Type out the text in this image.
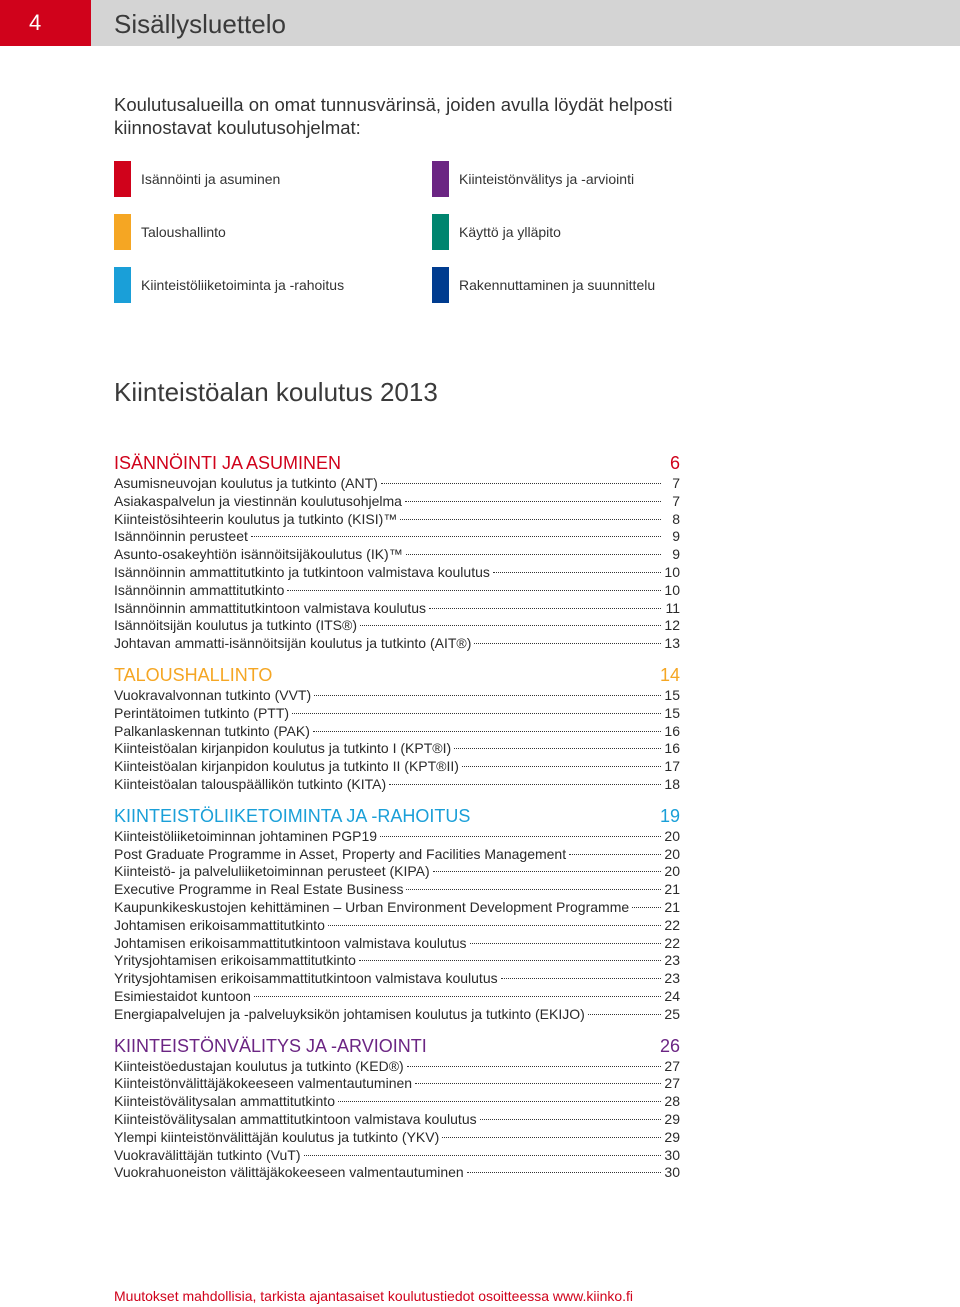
4	Sisällysluettelo
Koulutusalueilla on omat tunnusvärinsä, joiden avulla löydät helposti kiinnostavat koulutusohjelmat:
Isännöinti ja asuminen	Kiinteistönvälitys ja -arviointi
Taloushallinto	Käyttö ja ylläpito
Kiinteistöliiketoiminta ja -rahoitus	Rakennuttaminen ja suunnittelu
Kiinteistöalan koulutus 2013
ISÄNNÖINTI JA ASUMINEN	6
Asumisneuvojan koulutus ja tutkinto (ANT)	7
Asiakaspalvelun ja viestinnän koulutusohjelma	7
Kiinteistösihteerin koulutus ja tutkinto (KISI)™	8
Isännöinnin perusteet	9
Asunto-osakeyhtiön isännöitsijäkoulutus (IK)™	9
Isännöinnin ammattitutkinto ja tutkintoon valmistava koulutus	10
Isännöinnin ammattitutkinto	10
Isännöinnin ammattitutkintoon valmistava koulutus	11
Isännöitsijän koulutus ja tutkinto (ITS®)	12
Johtavan ammatti-isännöitsijän koulutus ja tutkinto (AIT®)	13
TALOUSHALLINTO	14
Vuokravalvonnan tutkinto (VVT)	15
Perintätoimen tutkinto (PTT)	15
Palkanlaskennan tutkinto (PAK)	16
Kiinteistöalan kirjanpidon koulutus ja tutkinto I (KPT®I)	16
Kiinteistöalan kirjanpidon koulutus ja tutkinto II (KPT®II)	17
Kiinteistöalan talouspäällikön tutkinto (KITA)	18
KIINTEISTÖLIIKETOIMINTA JA -RAHOITUS	19
Kiinteistöliiketoiminnan johtaminen PGP19	20
Post Graduate Programme in Asset, Property and Facilities Management	20
Kiinteistö- ja palveluliiketoiminnan perusteet (KIPA)	20
Executive Programme in Real Estate Business	21
Kaupunkikeskustojen kehittäminen – Urban Environment Development Programme	21
Johtamisen erikoisammattitutkinto	22
Johtamisen erikoisammattitutkintoon valmistava koulutus	22
Yritysjohtamisen erikoisammattitutkinto	23
Yritysjohtamisen erikoisammattitutkintoon valmistava koulutus	23
Esimiestaidot kuntoon	24
Energiapalvelujen ja -palveluyksikön johtamisen koulutus ja tutkinto (EKIJO)	25
KIINTEISTÖNVÄLITYS JA -ARVIOINTI	26
Kiinteistöedustajan koulutus ja tutkinto (KED®)	27
Kiinteistönvälittäjäkokeeseen valmentautuminen	27
Kiinteistövälitysalan ammattitutkinto	28
Kiinteistövälitysalan ammattitutkintoon valmistava koulutus	29
Ylempi kiinteistönvälittäjän koulutus ja tutkinto (YKV)	29
Vuokravälittäjän tutkinto (VuT)	30
Vuokrahuoneiston välittäjäkokeeseen valmentautuminen	30
Muutokset mahdollisia, tarkista ajantasaiset koulutustiedot osoitteessa www.kiinko.fi
